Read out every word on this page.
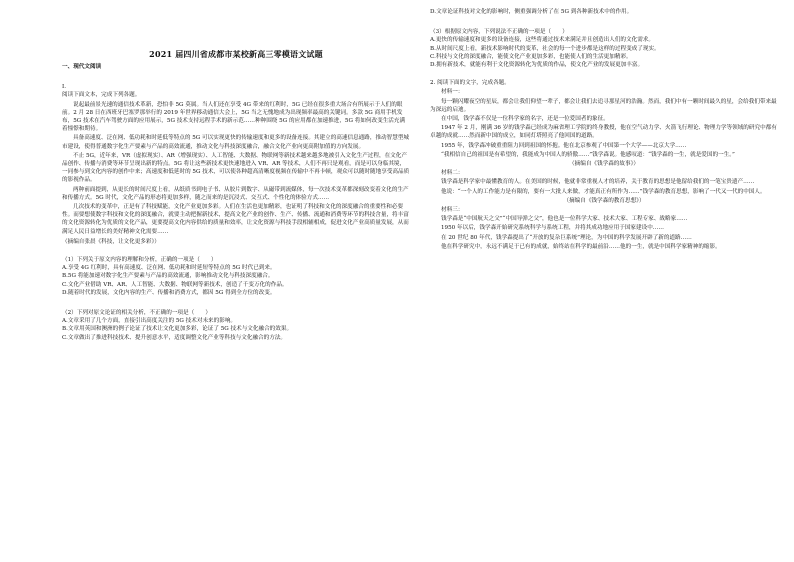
2021 届四川省成都市某校新高三零模语文试题
一、现代文阅读
I.

阅读下面文本，完成下列各题。

说起最前景光速的通信技术革新，恐怕非 5G 莫属。当人们还在享受 4G 带来的红利时，5G 已经在很多重大场合有所展示于人们的眼前。2 月 28 日在西班牙巴塞罗那举行的 2019 年世界移动通信大会上，5G 当之无愧地成为出现频率最高的关键词。多款 5G 商用手机发布，5G 技术在汽车驾驶方面的应用展示，5G 技术支持远程手术的新示范……种种围绕 5G 的应用都在加速推进，5G 将如何改变生活充满着憧憬和期待。

具备高速度、泛在网、低功耗和时延低等特点的 5G 可以实现更快的传输速度和更多的设备连接。其建立的高速信息通路，推动智慧型城市建设，使得普通数字化生产要素与产品的高效流通，推动文化与科技深度融合，融合文化产业向更高附加值的方向发展。

不止 5G，近年来，VR（虚拟现实）、AR（增强现实）、人工智能、大数据、物联网等新技术越来越多地被引入文化生产过程，在文化产品创作、传播与消费等环节呈现出新的特点。5G 将让这些新技术更快速地进入 VR、AR 等技术，人们不再只是观看，而是可以身临其境，一同参与到文化内容的创作中来；高速度和低延时的 5G 技术，可以使各种超高清晰度视频在传输中不再卡顿，观众可以随时随地享受高品质的影视作品。

两种前面提到，从更长的时间尺度上看，从纸质书到电子书、从胶片到数字、从磁带到流媒体，每一次技术变革都深刻改变着文化的生产和传播方式。5G 时代，文化产品的形态将更加多样，随之而来的是沉浸式、交互式、个性化的体验方式……

几次技术的变革中，正是有了科技赋能，文化产业更加多彩。人们在生活也更加精彩，也证明了科技和文化的深度融合的重要性和必要性。而要想使数字科技和文化的深度融合，就要主动把握新技术，提高文化产业的创作、生产、传播、流通和消费等环节的科技含量，将丰富的文化资源转化为优质的文化产品，更要提高文化内容供给的质量和效率，让文化资源与科技手段相辅相成，促进文化产业高质量发展，从而满足人民日益增长的美好精神文化需要……

（摘编自张晨《科技，让文化更多彩》）

（1）下列关于原文内容的理解和分析，正确的一项是（　　）

A.享受 4G 红利时，具有高速度、泛在网、低功耗和时延短等特点的 5G 时代已到来。

B.5G 将能加速对数字化生产要素与产品的高效流通，影响推动文化与科技深度融合。

C.文化产业借助 VR、AR、人工智能、大数据、物联网等新技术，创造了千变万化的作品。

D.随着时代的发展，文化内容的生产、传播和消费方式，都因 5G 得到全方位的改变。

（2）下列对原文论证的相关分析，不正确的一项是（　　）

A.文章采用了几个方面，直接引出高度关注的 5G 技术对未来的影响。

B.文章用英国和澳洲的例子论证了技术让文化更加多彩，论证了 5G 技术与文化融合的效果。

C.文章做出了推进科技技术、提升创意水平，适度调整文化产业等科技与文化融合的方法。

D.文章论证科技对文化的影响时，侧重强调分析了在 5G 到各种新技术中的作用。

（3）根据原文内容，下列说法不正确的一项是（　　）

A.更快的传输速度和更多的设备连接，这些将通过技术来满足并且创造出人们的文化需求。

B.从时间尺度上看，新技术影响时代的变革，社会的每一个进步都是这样的过程变成了现实。

C.科技与文化的深度融合，能使文化产业更加多彩，也能使人们的生活更加精彩。

D.拥有新技术，就能有利于文化资源转化为优质的作品，使文化产业的发展更加丰富。

2. 阅读下面的文字，完成各题。

材料一：

每一颗闪耀夜空的星辰，都会让我们仰望一辈子，都会让我们去追寻那星河的浩瀚。然而，我们中有一颗时间最久的星，会给我们带来最为深远的启迪。

在中国，钱学森不仅是一位科学家的名字，还是一位爱国者的象征。

1947 年 2 月，刚满 36 岁的钱学森已经成为麻省理工学院的终身教授，他在空气动力学、火箭飞行理论、物理力学等领域的研究中都有卓越的成就……然而新中国的成立，如同灯塔照亮了他回国的道路。

1955 年，钱学森冲破重重阻力回到祖国的怀抱。他在北京参观了中国第一个大学——北京大学……

“我相信自己的祖国是有希望的，我能成为中国人的骄傲……”钱学森说。他感叹道：“钱学森的一生，就是爱国的一生。”

（摘编自《钱学森的故事》）

材料二：

钱学森是科学家中最懂教育的人。在美国的时候，他就非常重视人才的培养，关于教育的思想是他留给我们的一笔宝贵遗产……

他说：“一个人的工作能力是有限的，要有一大批人来做，才能真正有所作为……”钱学森的教育思想，影响了一代又一代的中国人。

（摘编自《钱学森的教育思想》）

材料三：

钱学森是“中国航天之父”“中国导弹之父”，他也是一位科学大家、技术大家、工程专家、战略家……

1950 年以后，钱学森开始研究系统科学与系统工程，并将其成功地应用于国家建设中……

在 20 世纪 80 年代，钱学森提出了“开放的复杂巨系统”理论，为中国的科学发展开辟了新的道路……

他在科学研究中，永远不满足于已有的成就，始终站在科学的最前沿……他的一生，就是中国科学家精神的缩影。
